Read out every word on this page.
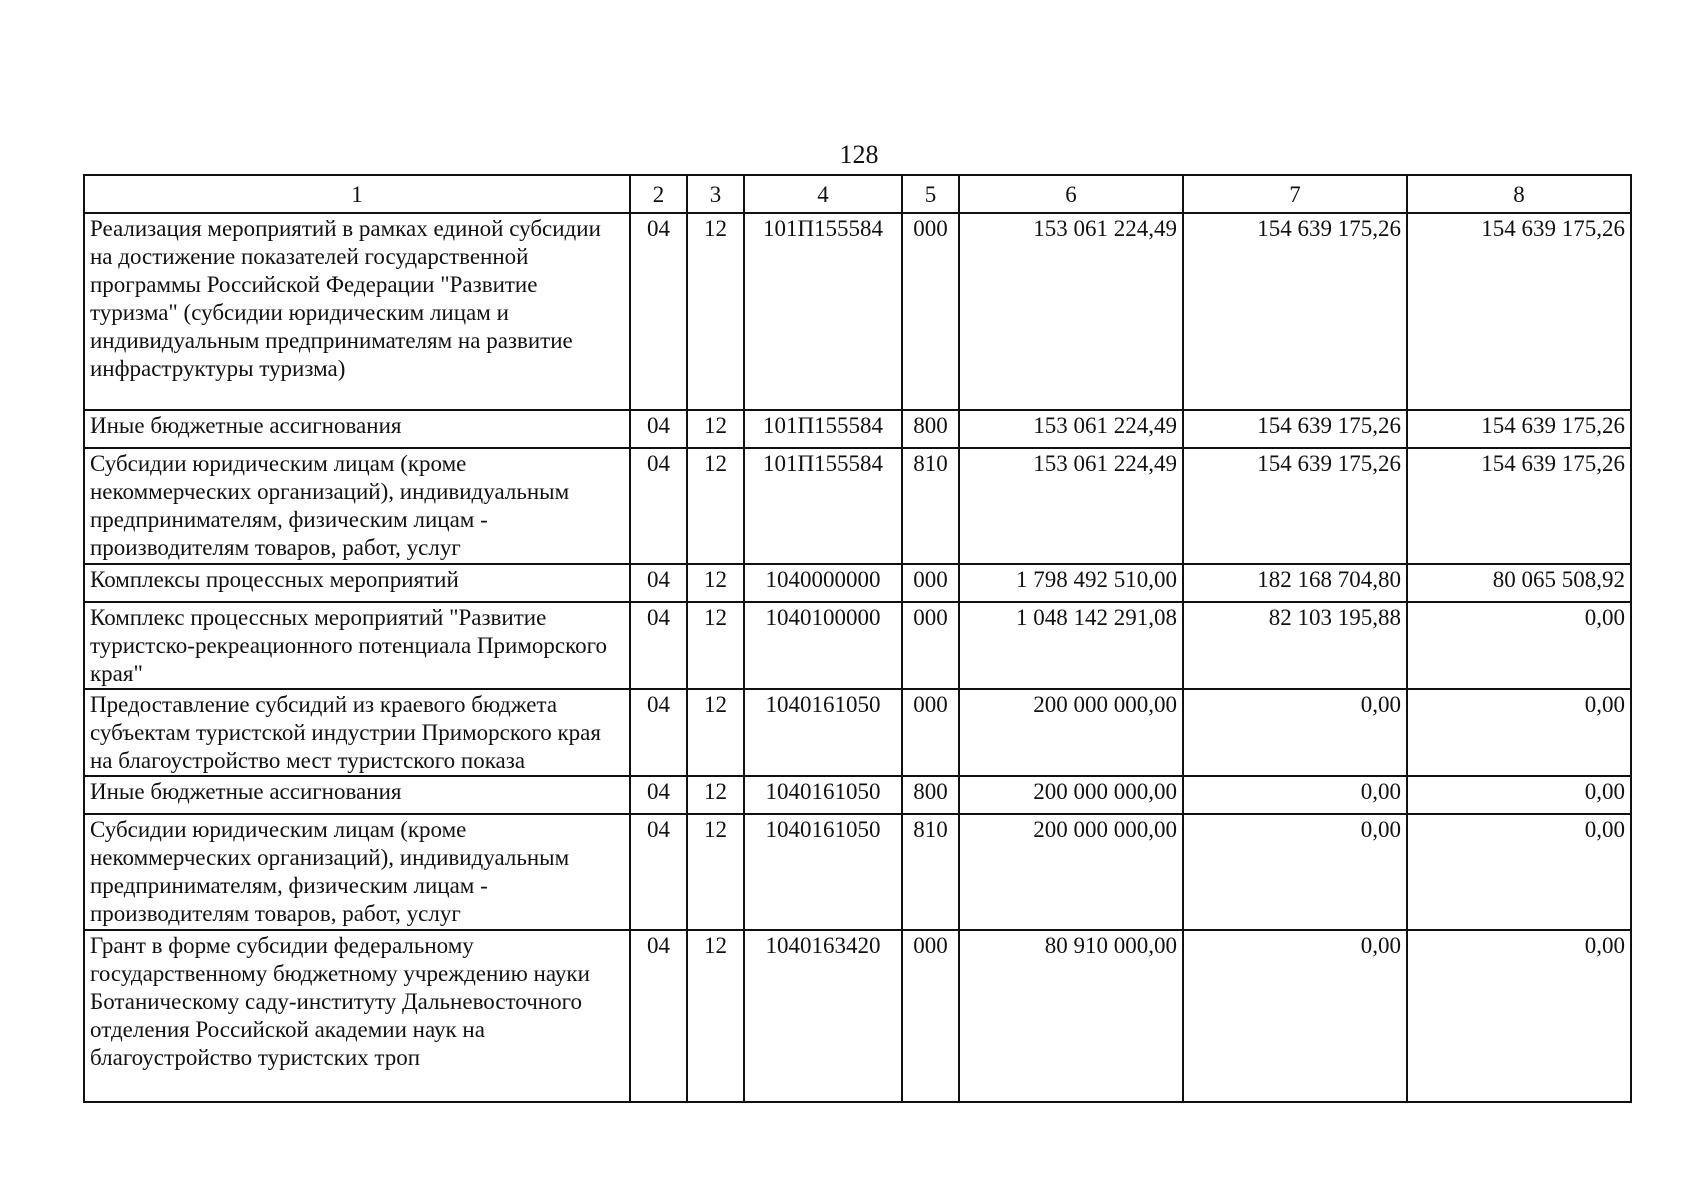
128
1	2	3	4	5	6	7	8
Реализация мероприятий в рамках единой субсидии на достижение показателей государственной программы Российской Федерации "Развитие туризма" (субсидии юридическим лицам и индивидуальным предпринимателям на развитие инфраструктуры туризма)	04	12	101П155584	000	153 061 224,49	154 639 175,26	154 639 175,26
Иные бюджетные ассигнования	04	12	101П155584	800	153 061 224,49	154 639 175,26	154 639 175,26
Субсидии юридическим лицам (кроме некоммерческих организаций), индивидуальным предпринимателям, физическим лицам - производителям товаров, работ, услуг	04	12	101П155584	810	153 061 224,49	154 639 175,26	154 639 175,26
Комплексы процессных мероприятий	04	12	1040000000	000	1 798 492 510,00	182 168 704,80	80 065 508,92
Комплекс процессных мероприятий "Развитие туристско-рекреационного потенциала Приморского края"	04	12	1040100000	000	1 048 142 291,08	82 103 195,88	0,00
Предоставление субсидий из краевого бюджета субъектам туристской индустрии Приморского края на благоустройство мест туристского показа	04	12	1040161050	000	200 000 000,00	0,00	0,00
Иные бюджетные ассигнования	04	12	1040161050	800	200 000 000,00	0,00	0,00
Субсидии юридическим лицам (кроме некоммерческих организаций), индивидуальным предпринимателям, физическим лицам - производителям товаров, работ, услуг	04	12	1040161050	810	200 000 000,00	0,00	0,00
Грант в форме субсидии федеральному государственному бюджетному учреждению науки Ботаническому саду-институту Дальневосточного отделения Российской академии наук на благоустройство туристских троп	04	12	1040163420	000	80 910 000,00	0,00	0,00
